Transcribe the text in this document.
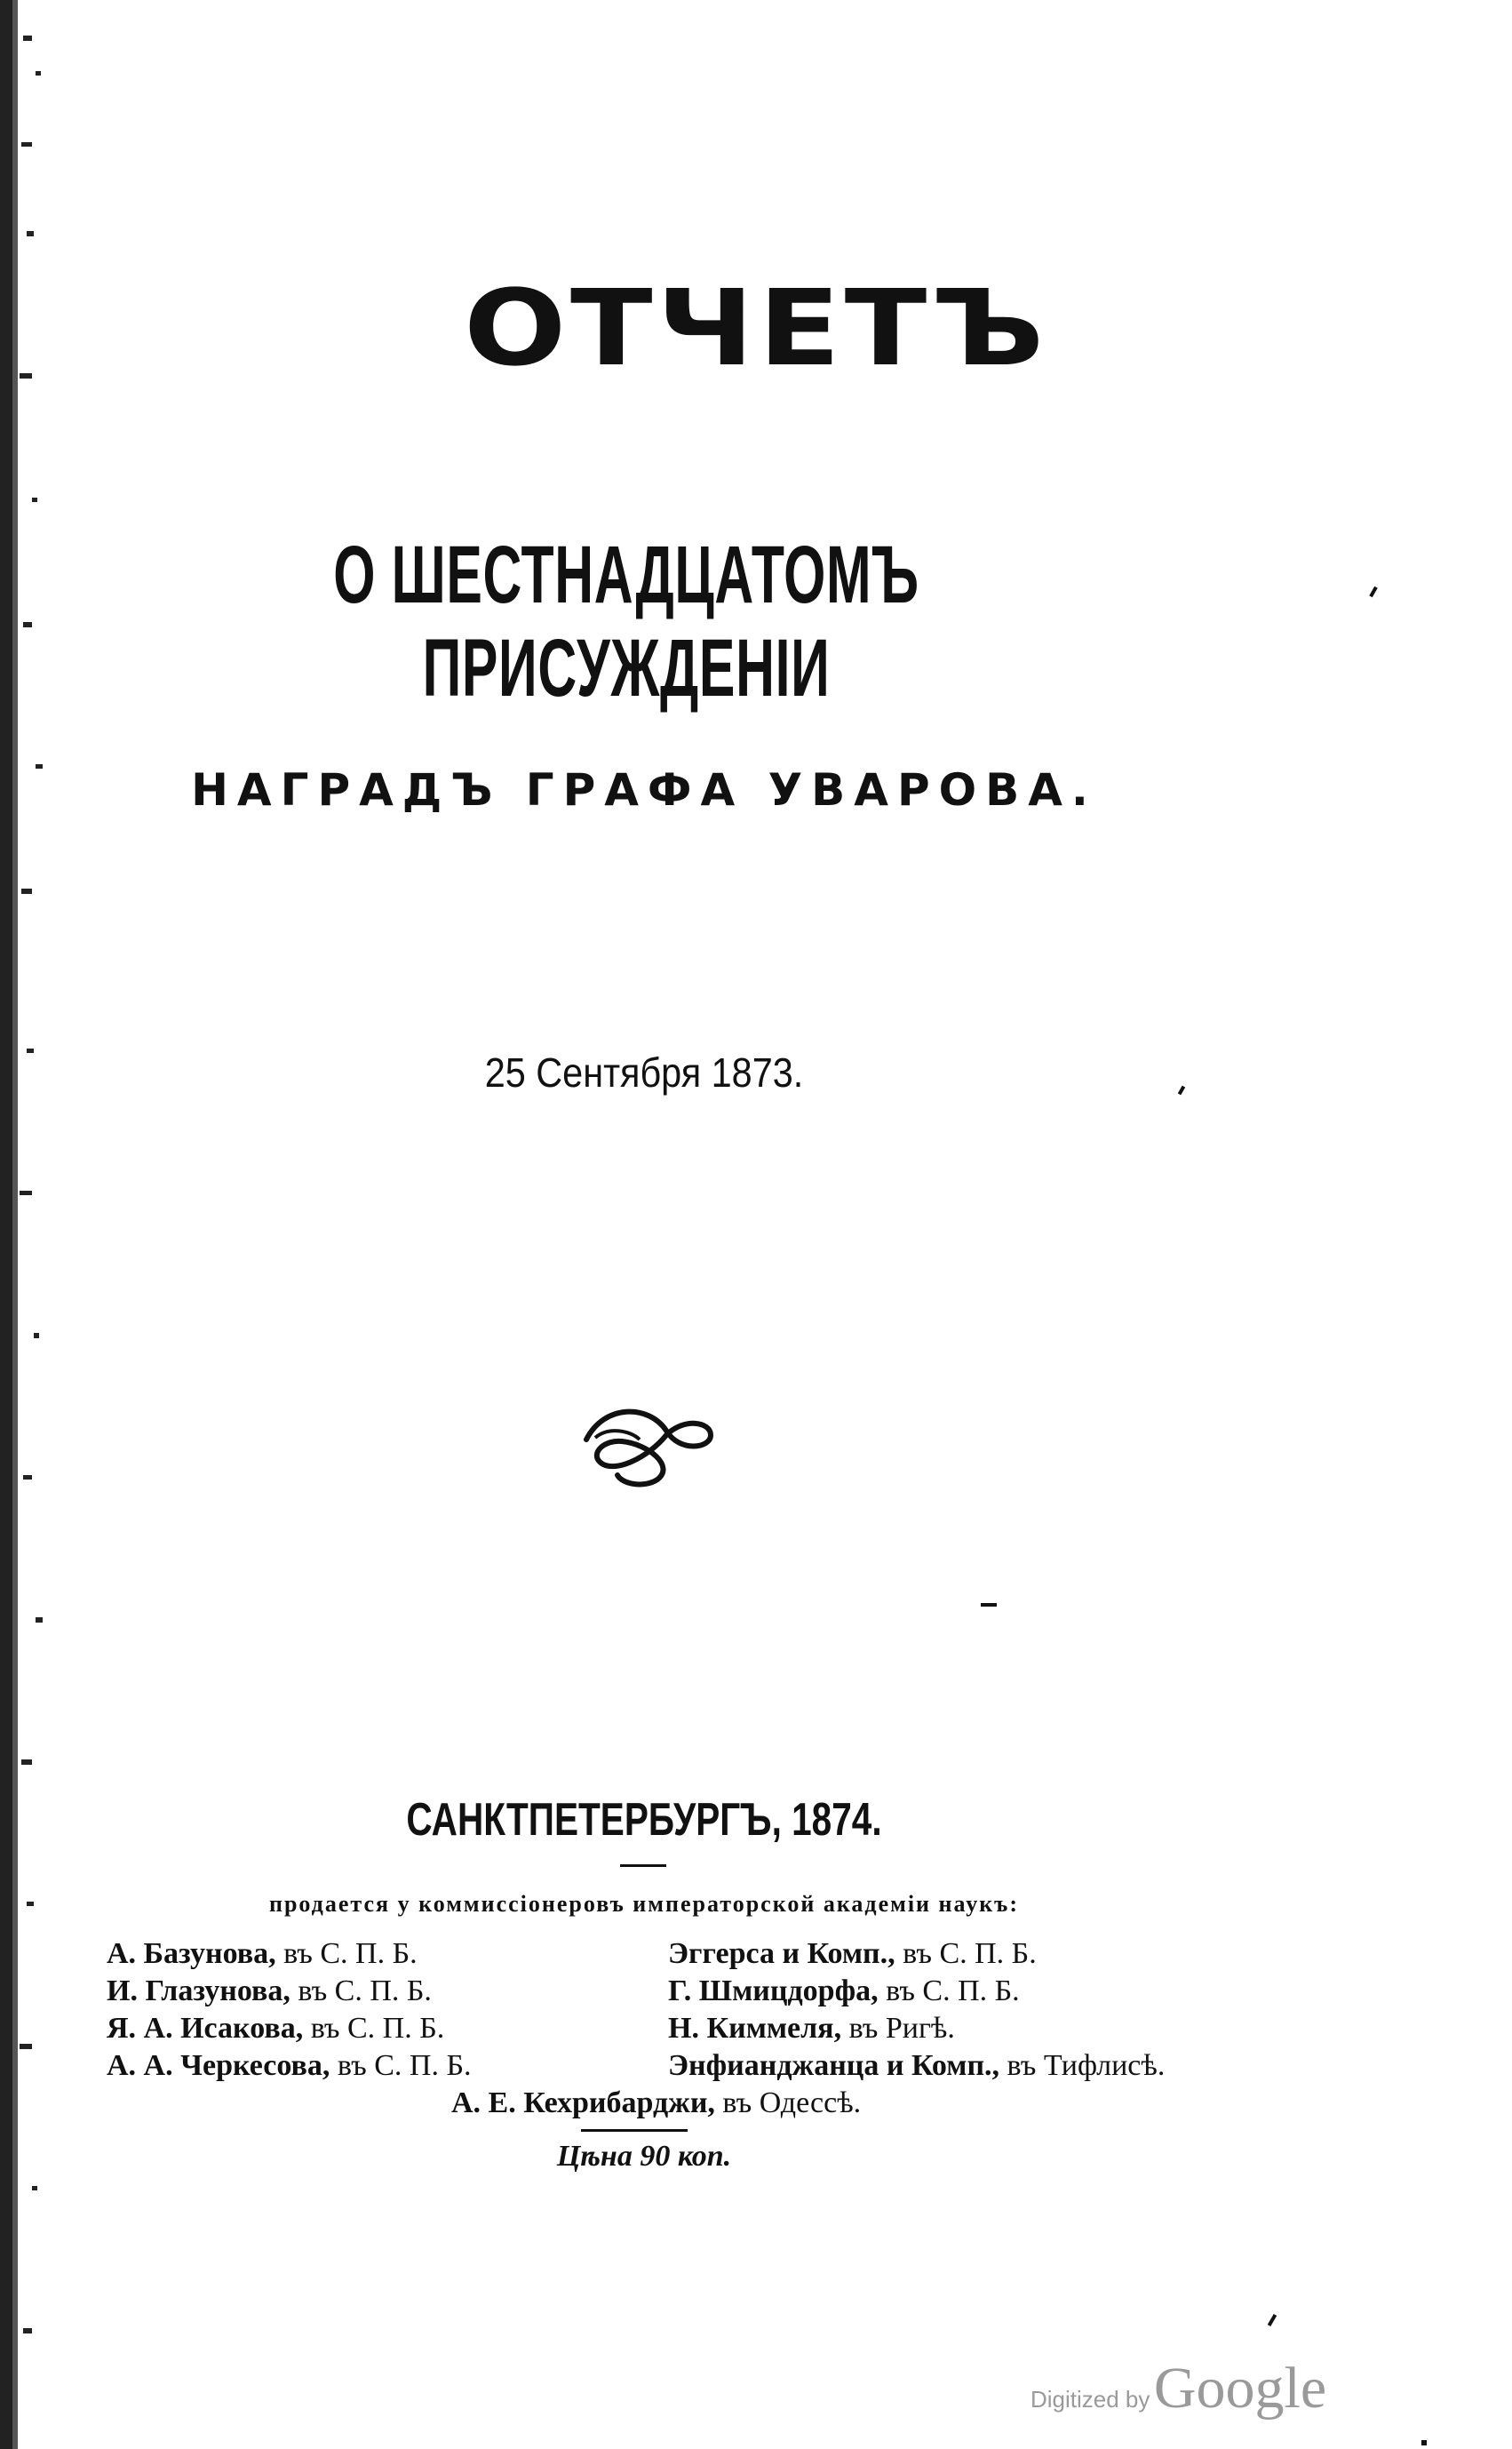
ОТЧЕТЪ
О ШЕСТНАДЦАТОМЪ ПРИСУЖДЕНІИ
НАГРАДЪ ГРАФА УВАРОВА.
25 Сентября 1873.
САНКТПЕТЕРБУРГЪ, 1874.
продается у коммиссіонеровъ императорской академіи наукъ:
А. Базунова, въ С. П. Б.
И. Глазунова, въ С. П. Б.
Я. А. Исакова, въ С. П. Б.
А. А. Черкесова, въ С. П. Б.
Эггерса и Комп., въ С. П. Б.
Г. Шмицдорфа, въ С. П. Б.
Н. Киммеля, въ Ригѣ.
Энфианджанца и Комп., въ Тифлисѣ.
А. Е. Кехрибарджи, въ Одессѣ.
Цѣна 90 коп.
Digitized by Google
